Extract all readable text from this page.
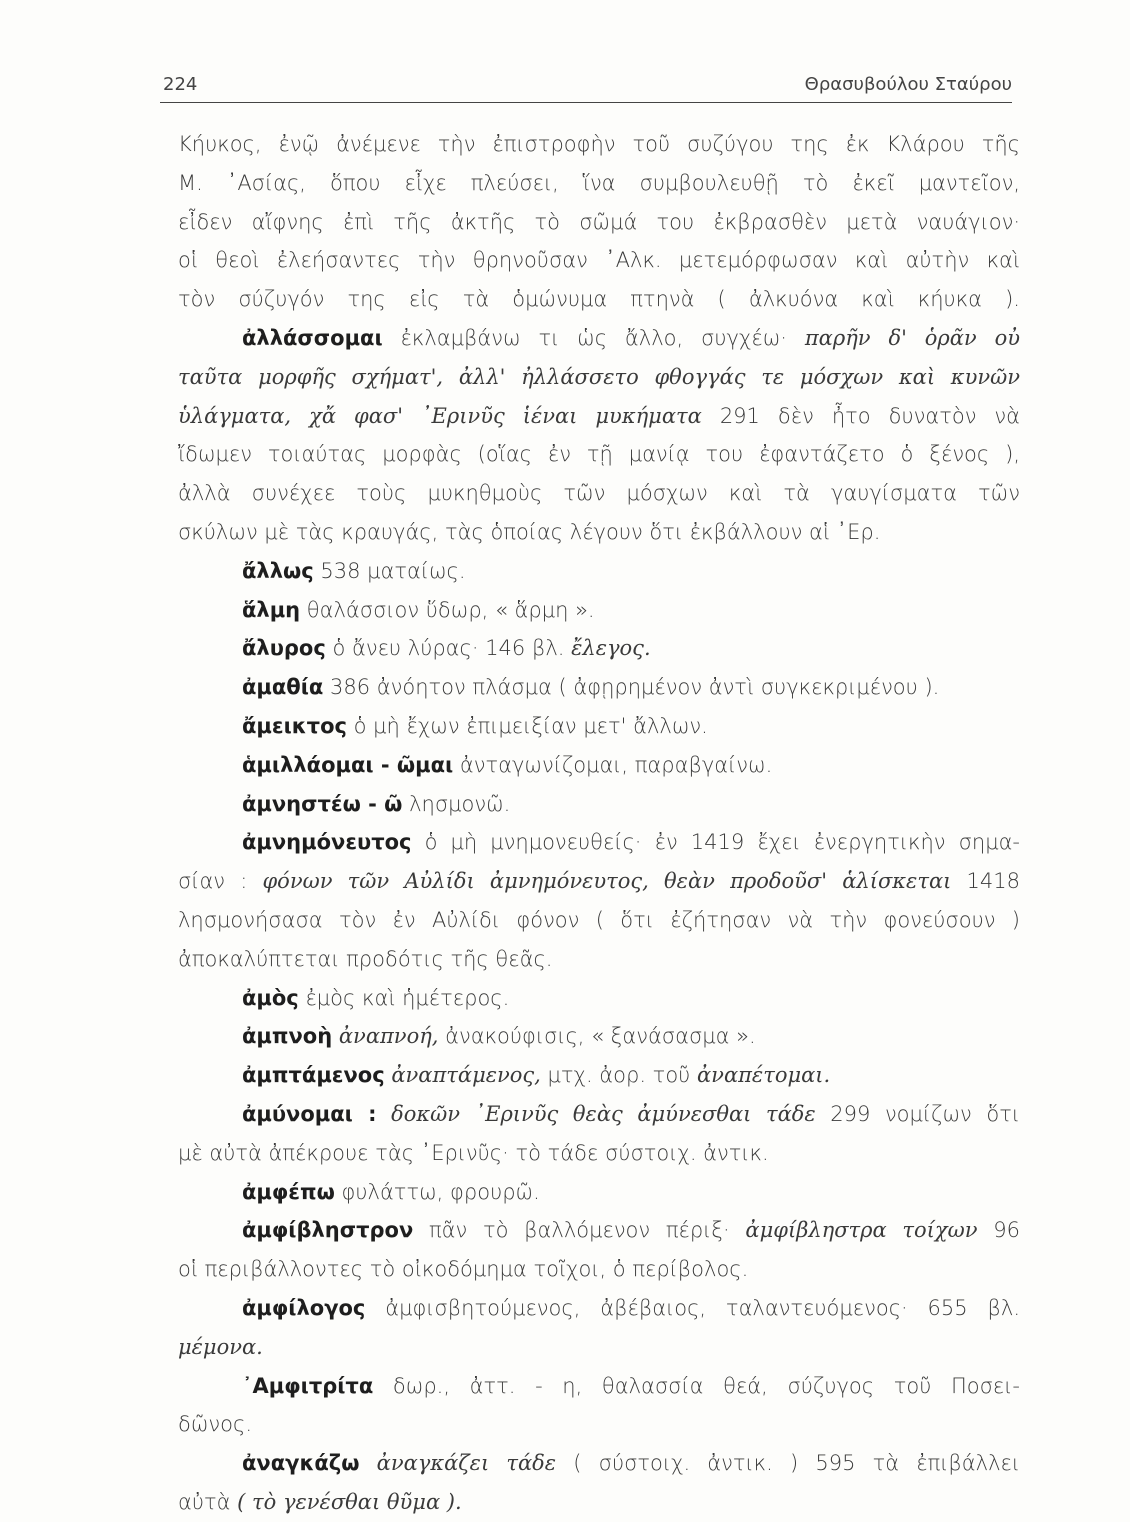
224	Θρασυβούλου Σταύρου
Κήυκος, ἐνῷ ἀνέμενε τὴν ἐπιστροφὴν τοῦ συζύγου της ἐκ Κλάρου τῆς
Μ. ᾿Ασίας, ὅπου εἶχε πλεύσει, ἵνα συμβουλευθῇ τὸ ἐκεῖ μαντεῖον,
εἶδεν αἴφνης ἐπὶ τῆς ἀκτῆς τὸ σῶμά του ἐκβρασθὲν μετὰ ναυάγιον·
οἱ θεοὶ ἐλεήσαντες τὴν θρηνοῦσαν ᾿Αλκ. μετεμόρφωσαν καὶ αὐτὴν καὶ
τὸν σύζυγόν της εἰς τὰ ὁμώνυμα πτηνὰ ( ἀλκυόνα καὶ κήυκα ).
ἀλλάσσομαι ἐκλαμβάνω τι ὡς ἄλλο, συγχέω· παρῆν δ' ὁρᾶν οὐ
ταῦτα μορφῆς σχήματ', ἀλλ' ἠλλάσσετο φθογγάς τε μόσχων καὶ κυνῶν
ὑλάγματα, χἄ φασ' ᾿Ερινῦς ἱέναι μυκήματα 291 δὲν ἦτο δυνατὸν νὰ
ἴδωμεν τοιαύτας μορφὰς (οἵας ἐν τῇ μανίᾳ του ἐφαντάζετο ὁ ξένος ),
ἀλλὰ συνέχεε τοὺς μυκηθμοὺς τῶν μόσχων καὶ τὰ γαυγίσματα τῶν
σκύλων μὲ τὰς κραυγάς, τὰς ὁποίας λέγουν ὅτι ἐκβάλλουν αἱ ᾿Ερ.
ἄλλως 538 ματαίως.
ἅλμη θαλάσσιον ὕδωρ, « ἅρμη ».
ἄλυρος ὁ ἄνευ λύρας· 146 βλ. ἔλεγος.
ἀμαθία 386 ἀνόητον πλάσμα ( ἀφῃρημένον ἀντὶ συγκεκριμένου ).
ἄμεικτος ὁ μὴ ἔχων ἐπιμειξίαν μετ' ἄλλων.
ἁμιλλάομαι - ῶμαι ἀνταγωνίζομαι, παραβγαίνω.
ἀμνηστέω - ῶ λησμονῶ.
ἀμνημόνευτος ὁ μὴ μνημονευθείς· ἐν 1419 ἔχει ἐνεργητικὴν σημα-
σίαν : φόνων τῶν Αὐλίδι ἀμνημόνευτος, θεὰν προδοῦσ' ἁλίσκεται 1418
λησμονήσασα τὸν ἐν Αὐλίδι φόνον ( ὅτι ἐζήτησαν νὰ τὴν φονεύσουν )
ἀποκαλύπτεται προδότις τῆς θεᾶς.
ἀμὸς ἐμὸς καὶ ἡμέτερος.
ἀμπνοὴ ἀναπνοή, ἀνακούφισις, « ξανάσασμα ».
ἀμπτάμενος ἀναπτάμενος, μτχ. ἀορ. τοῦ ἀναπέτομαι.
ἀμύνομαι : δοκῶν ᾿Ερινῦς θεὰς ἀμύνεσθαι τάδε 299 νομίζων ὅτι
μὲ αὐτὰ ἀπέκρουε τὰς ᾿Ερινῦς· τὸ τάδε σύστοιχ. ἀντικ.
ἀμφέπω φυλάττω, φρουρῶ.
ἀμφίβληστρον πᾶν τὸ βαλλόμενον πέριξ· ἀμφίβληστρα τοίχων 96
οἱ περιβάλλοντες τὸ οἰκοδόμημα τοῖχοι, ὁ περίβολος.
ἀμφίλογος ἀμφισβητούμενος, ἀβέβαιος, ταλαντευόμενος· 655 βλ.
μέμονα.
᾿Αμφιτρίτα δωρ., ἀττ. - η, θαλασσία θεά, σύζυγος τοῦ Ποσει-
δῶνος.
ἀναγκάζω ἀναγκάζει τάδε ( σύστοιχ. ἀντικ. ) 595 τὰ ἐπιβάλλει
αὐτὰ ( τὸ γενέσθαι θῦμα ).
